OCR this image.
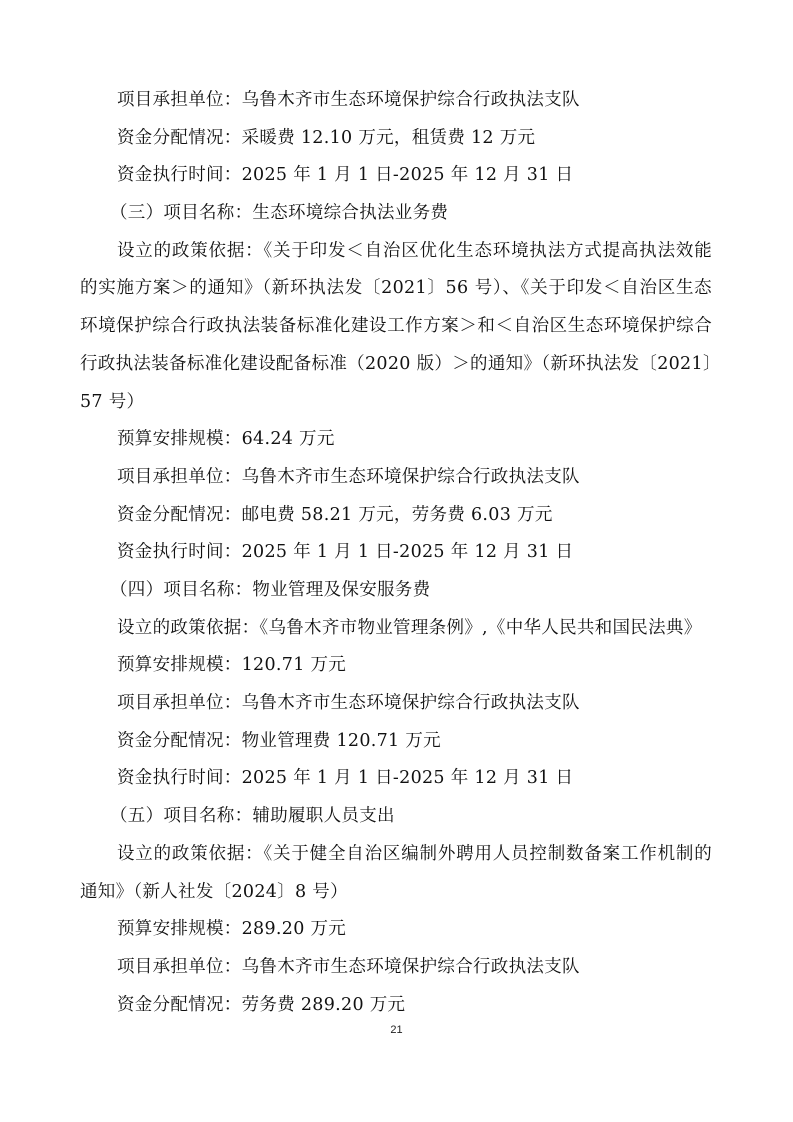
项目承担单位：乌鲁木齐市生态环境保护综合行政执法支队
资金分配情况：采暖费 12.10 万元，租赁费 12 万元
资金执行时间：2025 年 1 月 1 日-2025 年 12 月 31 日
（三）项目名称：生态环境综合执法业务费
设立的政策依据：《关于印发＜自治区优化生态环境执法方式提高执法效能的实施方案＞的通知》（新环执法发〔2021〕56 号）、《关于印发＜自治区生态环境保护综合行政执法装备标准化建设工作方案＞和＜自治区生态环境保护综合行政执法装备标准化建设配备标准（2020 版）＞的通知》（新环执法发〔2021〕57 号）
预算安排规模：64.24 万元
项目承担单位：乌鲁木齐市生态环境保护综合行政执法支队
资金分配情况：邮电费 58.21 万元，劳务费 6.03 万元
资金执行时间：2025 年 1 月 1 日-2025 年 12 月 31 日
（四）项目名称：物业管理及保安服务费
设立的政策依据：《乌鲁木齐市物业管理条例》,《中华人民共和国民法典》
预算安排规模：120.71 万元
项目承担单位：乌鲁木齐市生态环境保护综合行政执法支队
资金分配情况：物业管理费 120.71 万元
资金执行时间：2025 年 1 月 1 日-2025 年 12 月 31 日
（五）项目名称：辅助履职人员支出
设立的政策依据：《关于健全自治区编制外聘用人员控制数备案工作机制的通知》（新人社发〔2024〕8 号）
预算安排规模：289.20 万元
项目承担单位：乌鲁木齐市生态环境保护综合行政执法支队
资金分配情况：劳务费 289.20 万元
21
